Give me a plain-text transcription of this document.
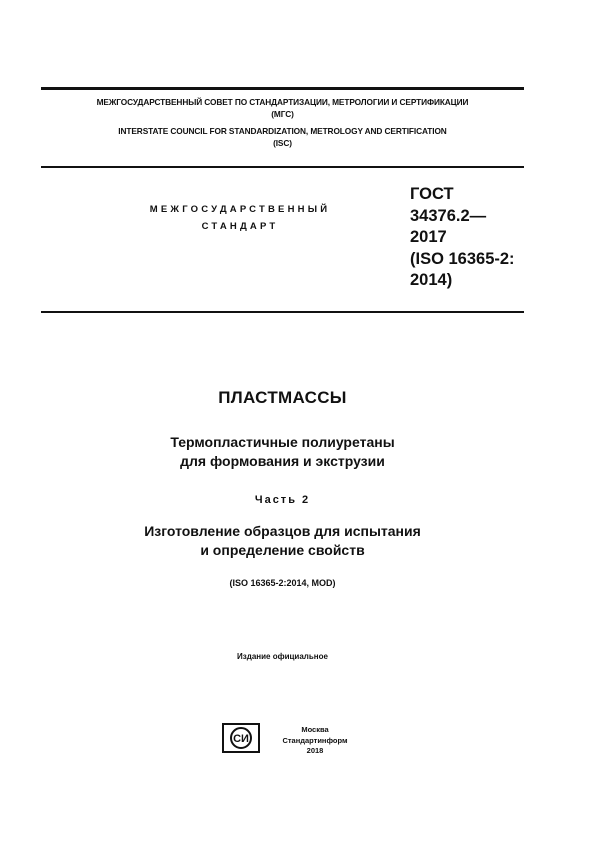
МЕЖГОСУДАРСТВЕННЫЙ СОВЕТ ПО СТАНДАРТИЗАЦИИ, МЕТРОЛОГИИ И СЕРТИФИКАЦИИ
(МГС)
INTERSTATE COUNCIL FOR STANDARDIZATION, METROLOGY AND CERTIFICATION
(ISC)
МЕЖГОСУДАРСТВЕННЫЙ
СТАНДАРТ
ГОСТ
34376.2—
2017
(ISO 16365-2:
2014)
ПЛАСТМАССЫ
Термопластичные полиуретаны
для формования и экструзии
Часть 2
Изготовление образцов для испытания
и определение свойств
(ISO 16365-2:2014, MOD)
Издание официальное
СИ
Москва
Стандартинформ
2018
